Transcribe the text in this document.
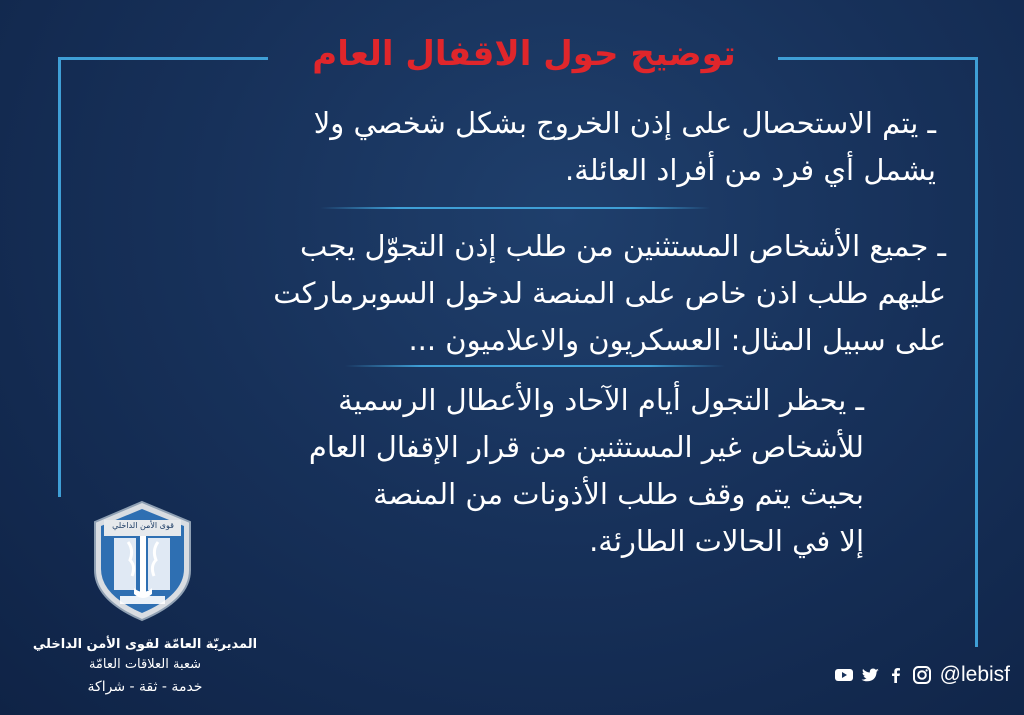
توضيح حول الاقفال العام

ـ يتم الاستحصال على إذن الخروج بشكل شخصي ولا
يشمل أي فرد من أفراد العائلة.

ـ جميع الأشخاص المستثنين من طلب إذن التجوّل يجب
عليهم طلب اذن خاص على المنصة لدخول السوبرماركت
على سبيل المثال: العسكريون والاعلاميون ...

ـ يحظر التجول أيام الآحاد والأعطال الرسمية
للأشخاص غير المستثنين من قرار الإقفال العام
بحيث يتم وقف طلب الأذونات من المنصة
إلا في الحالات الطارئة.

قوى الأمن الداخلي
المديريّة العامّة لقوى الأمن الداخلي
شعبة العلاقات العامّة
خدمة - ثقة - شراكة
@lebisf
